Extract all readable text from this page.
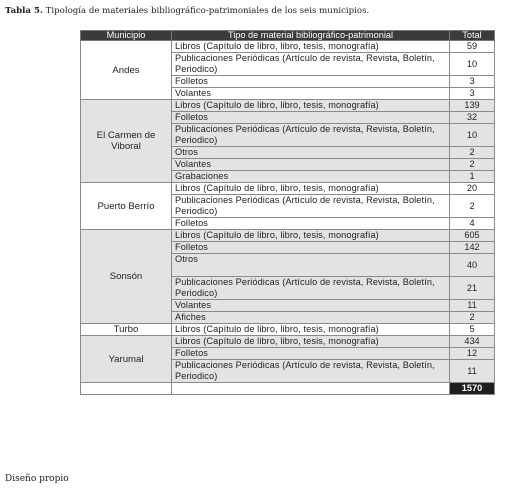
Tabla 5. Tipología de materiales bibliográfico-patrimoniales de los seis municipios.
Municipio	Tipo de material bibliográfico-patrimonial	Total
Andes	Libros (Capítulo de libro, libro, tesis, monografía)	59
	Publicaciones Periódicas (Artículo de revista, Revista, Boletín, Periodico)	10
	Folletos	3
	Volantes	3
El Carmen de Viboral	Libros (Capítulo de libro, libro, tesis, monografía)	139
	Folletos	32
	Publicaciones Periódicas (Artículo de revista, Revista, Boletín, Periodico)	10
	Otros	2
	Volantes	2
	Grabaciones	1
Puerto Berrío	Libros (Capítulo de libro, libro, tesis, monografía)	20
	Publicaciones Periódicas (Artículo de revista, Revista, Boletín, Periodico)	2
	Folletos	4
Sonsón	Libros (Capítulo de libro, libro, tesis, monografía)	605
	Folletos	142
	Otros	40
	Publicaciones Periódicas (Artículo de revista, Revista, Boletín, Periodico)	21
	Volantes	11
	Afiches	2
Turbo	Libros (Capítulo de libro, libro, tesis, monografía)	5
Yarumal	Libros (Capítulo de libro, libro, tesis, monografía)	434
	Folletos	12
	Publicaciones Periódicas (Artículo de revista, Revista, Boletín, Periodico)	11
		1570
Diseño propio
